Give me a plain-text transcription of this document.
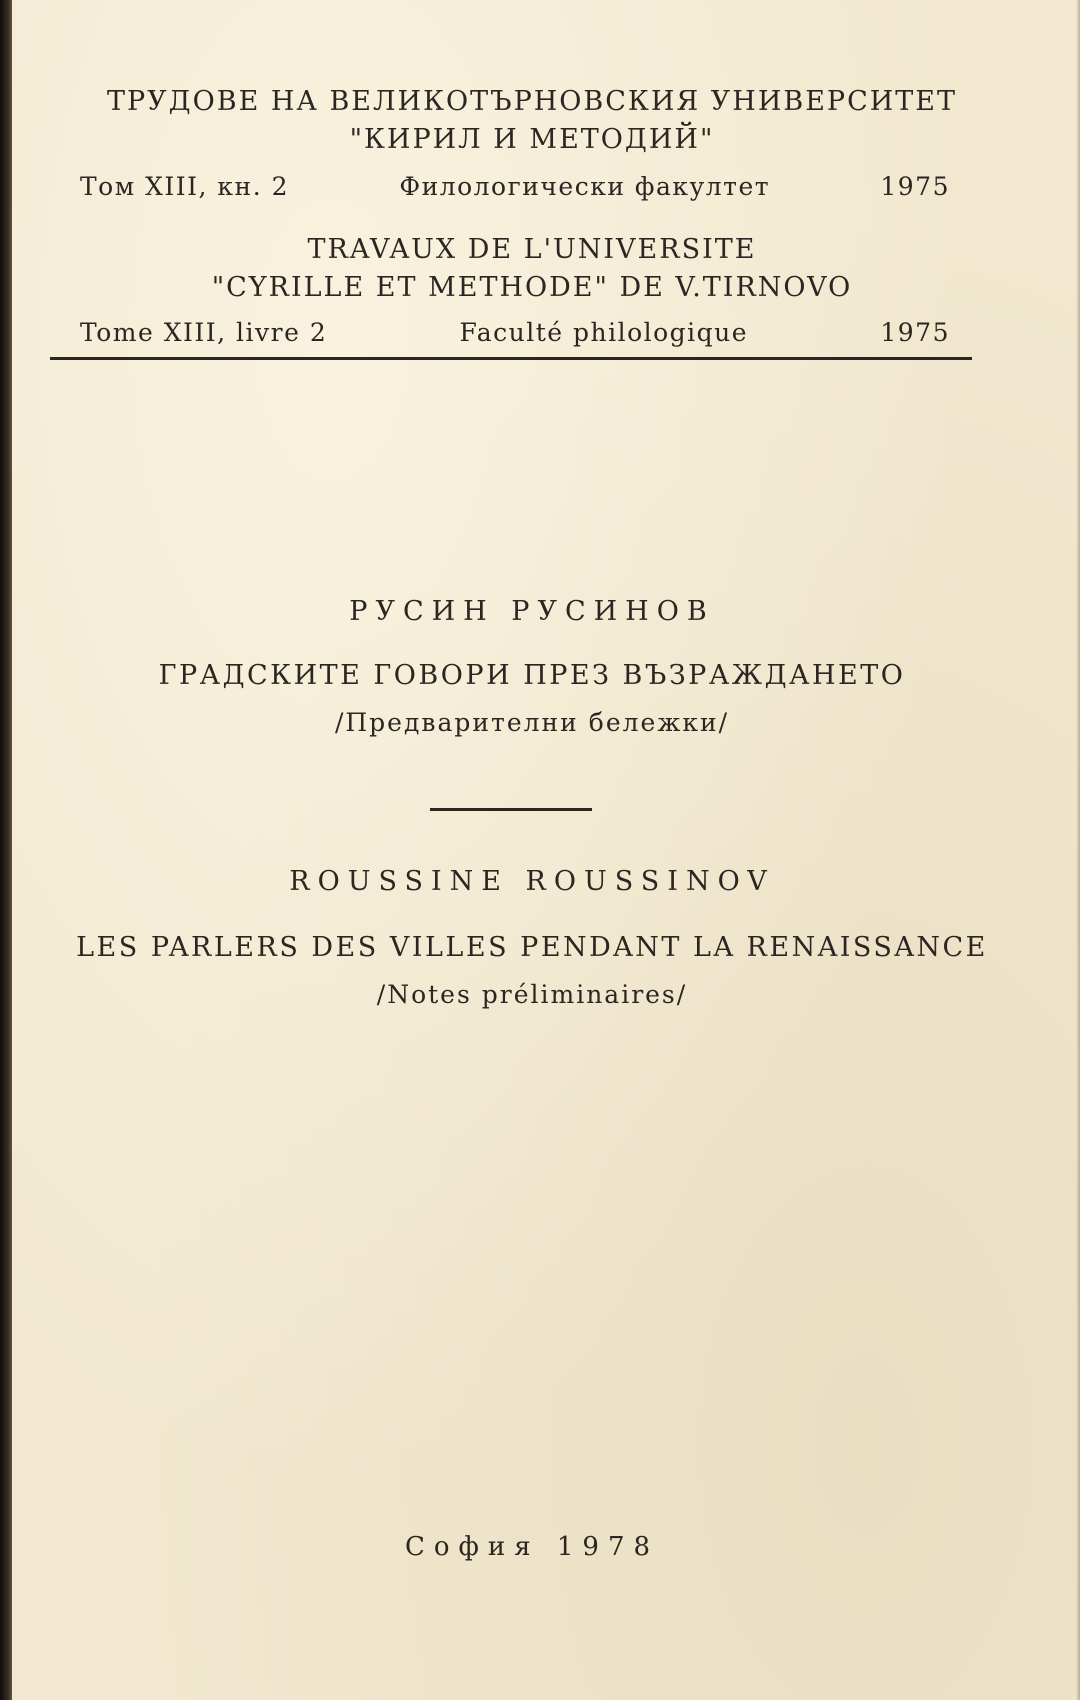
ТРУДОВЕ НА ВЕЛИКОТЪРНОВСКИЯ УНИВЕРСИТЕТ
"КИРИЛ И МЕТОДИЙ"
Том XIII, кн. 2	Филологически факултет	1975
TRAVAUX DE L'UNIVERSITE
"CYRILLE ET METHODE" DE V.TIRNOVO
Tome XIII, livre 2	Faculté philologique	1975
РУСИН РУСИНОВ
ГРАДСКИТЕ ГОВОРИ ПРЕЗ ВЪЗРАЖДАНЕТО
/Предварителни бележки/
ROUSSINE ROUSSINOV
LES PARLERS DES VILLES PENDANT LA RENAISSANCE
/Notes préliminaires/
София 1978
